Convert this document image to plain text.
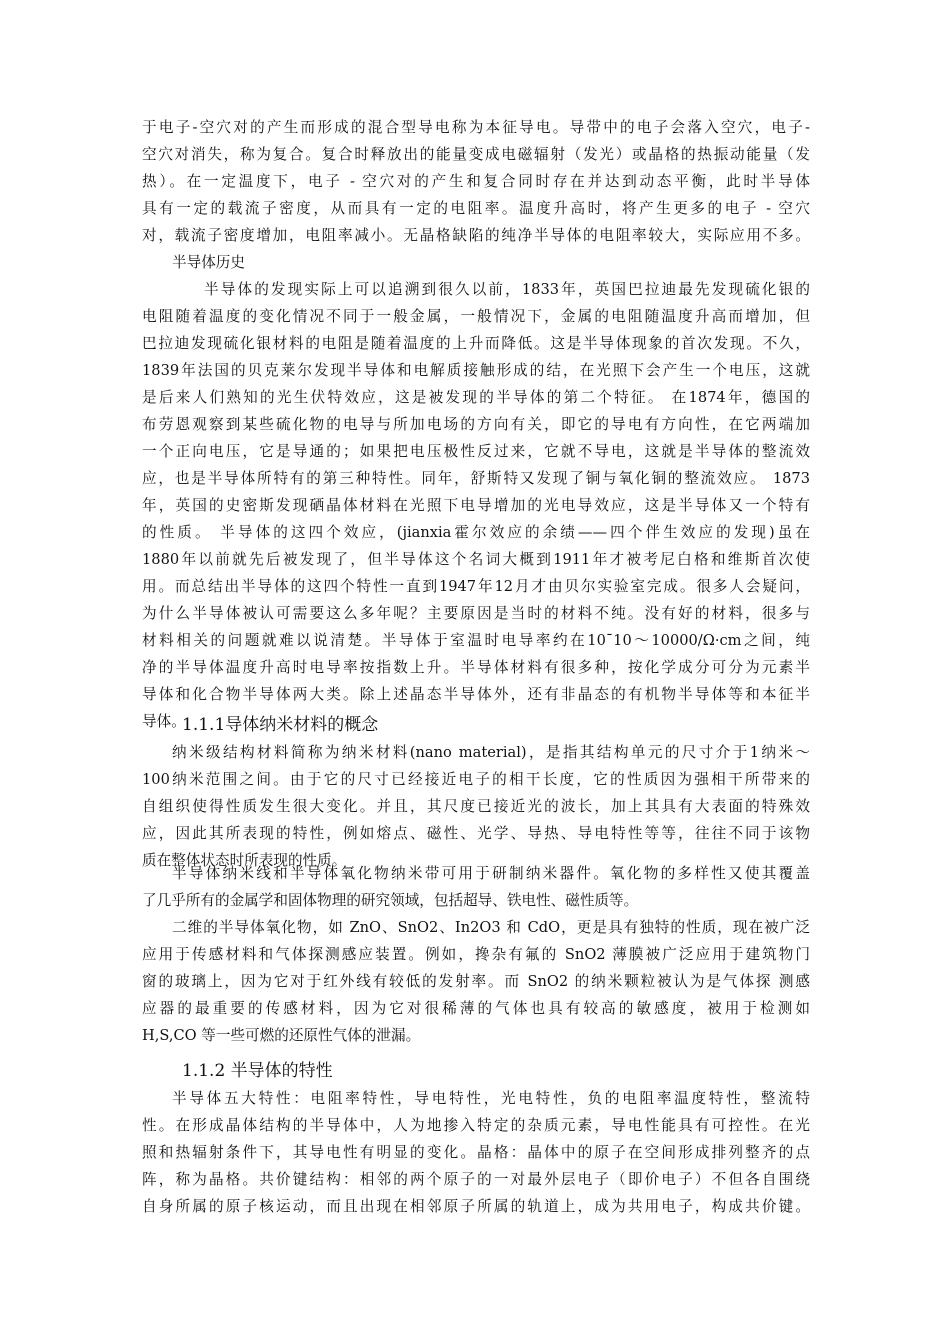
于电子-空穴对的产生而形成的混合型导电称为本征导电。导带中的电子会落入空穴，电子-
空穴对消失，称为复合。复合时释放出的能量变成电磁辐射（发光）或晶格的热振动能量（发
热）。在一定温度下，电子 - 空穴对的产生和复合同时存在并达到动态平衡，此时半导体
具有一定的载流子密度，从而具有一定的电阻率。温度升高时，将产生更多的电子 - 空穴
对，载流子密度增加，电阻率减小。无晶格缺陷的纯净半导体的电阻率较大，实际应用不多。
半导体历史
半导体的发现实际上可以追溯到很久以前，1833年，英国巴拉迪最先发现硫化银的
电阻随着温度的变化情况不同于一般金属，一般情况下，金属的电阻随温度升高而增加，但
巴拉迪发现硫化银材料的电阻是随着温度的上升而降低。这是半导体现象的首次发现。不久，
1839年法国的贝克莱尔发现半导体和电解质接触形成的结，在光照下会产生一个电压，这就
是后来人们熟知的光生伏特效应，这是被发现的半导体的第二个特征。 在1874年，德国的
布劳恩观察到某些硫化物的电导与所加电场的方向有关，即它的导电有方向性，在它两端加
一个正向电压，它是导通的；如果把电压极性反过来，它就不导电，这就是半导体的整流效
应，也是半导体所特有的第三种特性。同年，舒斯特又发现了铜与氧化铜的整流效应。 1873
年，英国的史密斯发现硒晶体材料在光照下电导增加的光电导效应，这是半导体又一个特有
的性质。 半导体的这四个效应，(jianxia霍尔效应的余绩——四个伴生效应的发现)虽在
1880年以前就先后被发现了，但半导体这个名词大概到1911年才被考尼白格和维斯首次使
用。而总结出半导体的这四个特性一直到1947年12月才由贝尔实验室完成。很多人会疑问，
为什么半导体被认可需要这么多年呢？主要原因是当时的材料不纯。没有好的材料，很多与
材料相关的问题就难以说清楚。半导体于室温时电导率约在10ˉ10～10000/Ω·cm之间，纯
净的半导体温度升高时电导率按指数上升。半导体材料有很多种，按化学成分可分为元素半
导体和化合物半导体两大类。除上述晶态半导体外，还有非晶态的有机物半导体等和本征半
导体。
1.1.1导体纳米材料的概念
纳米级结构材料简称为纳米材料(nano material)，是指其结构单元的尺寸介于1纳米～
100纳米范围之间。由于它的尺寸已经接近电子的相干长度，它的性质因为强相干所带来的
自组织使得性质发生很大变化。并且，其尺度已接近光的波长，加上其具有大表面的特殊效
应，因此其所表现的特性，例如熔点、磁性、光学、导热、导电特性等等，往往不同于该物
质在整体状态时所表现的性质。
半导体纳米线和半导体氧化物纳米带可用于研制纳米器件。氧化物的多样性又使其覆盖
了几乎所有的金属学和固体物理的研究领域，包括超导、铁电性、磁性质等。
二维的半导体氧化物，如 ZnO、SnO2、In2O3 和 CdO，更是具有独特的性质，现在被广泛
应用于传感材料和气体探测感应装置。例如，搀杂有氟的 SnO2 薄膜被广泛应用于建筑物门
窗的玻璃上，因为它对于红外线有较低的发射率。而 SnO2 的纳米颗粒被认为是气体探 测感
应器的最重要的传感材料，因为它对很稀薄的气体也具有较高的敏感度，被用于检测如
H,S,CO 等一些可燃的还原性气体的泄漏。
1.1.2 半导体的特性
半导体五大特性：电阻率特性，导电特性，光电特性，负的电阻率温度特性，整流特
性。在形成晶体结构的半导体中，人为地掺入特定的杂质元素，导电性能具有可控性。在光
照和热辐射条件下，其导电性有明显的变化。晶格：晶体中的原子在空间形成排列整齐的点
阵，称为晶格。共价键结构：相邻的两个原子的一对最外层电子（即价电子）不但各自围绕
自身所属的原子核运动，而且出现在相邻原子所属的轨道上，成为共用电子，构成共价键。
